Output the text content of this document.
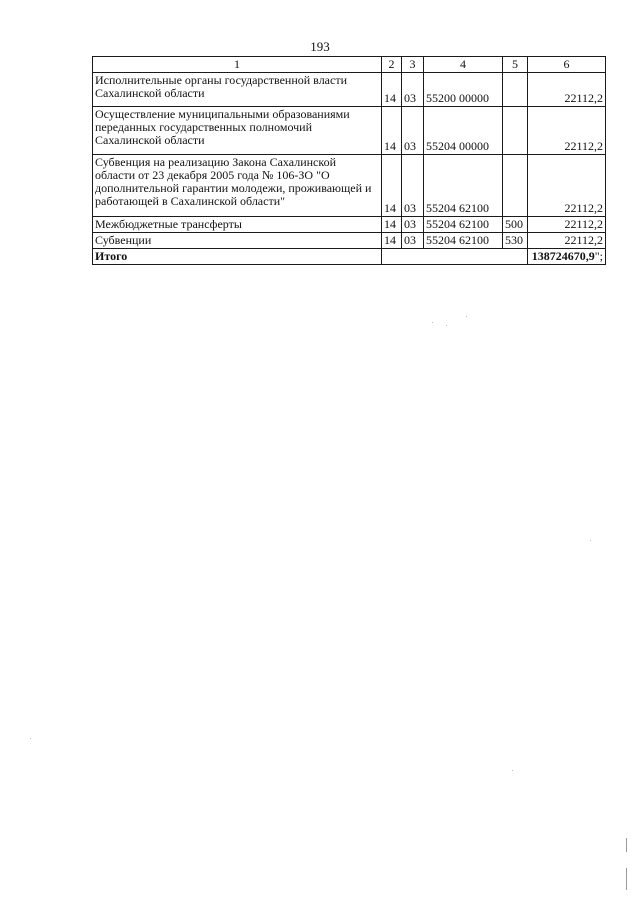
193
1	2	3	4	5	6
Исполнительные органы государственной власти Сахалинской области	14	03	55200 00000		22112,2
Осуществление муниципальными образованиями переданных государственных полномочий Сахалинской области	14	03	55204 00000		22112,2
Субвенция на реализацию Закона Сахалинской области от 23 декабря 2005 года № 106-ЗО "О дополнительной гарантии молодежи, проживающей и работающей в Сахалинской области"	14	03	55204 62100		22112,2
Межбюджетные трансферты	14	03	55204 62100	500	22112,2
Субвенции	14	03	55204 62100	530	22112,2
Итого					138724670,9";
